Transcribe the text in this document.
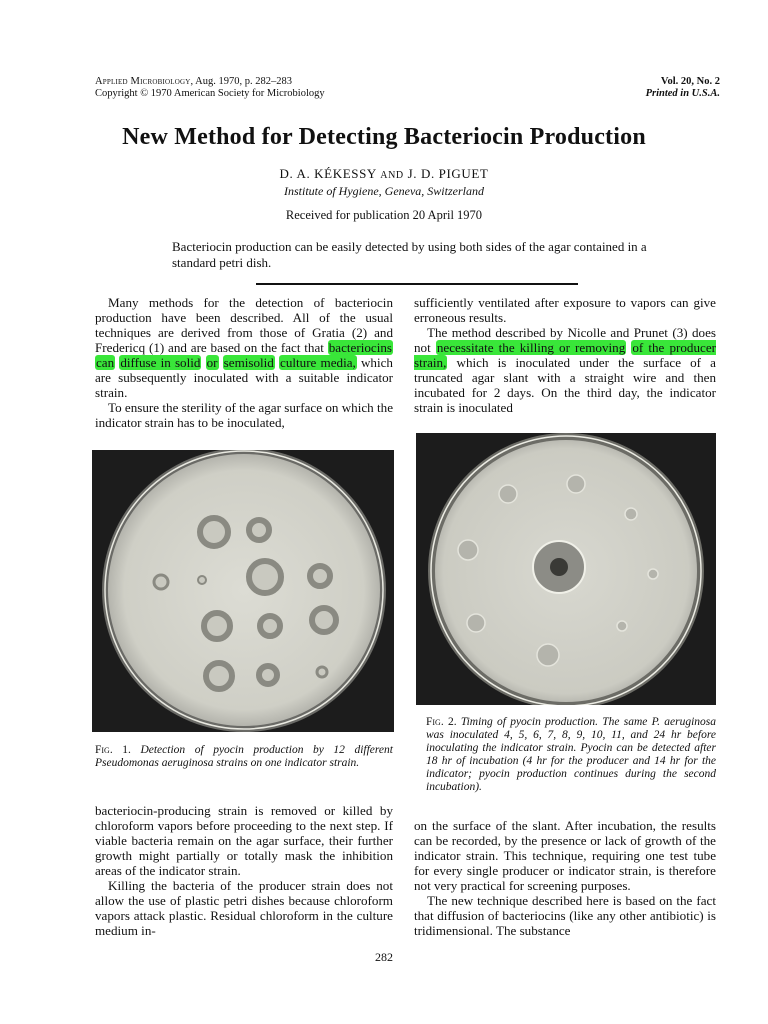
Applied Microbiology, Aug. 1970, p. 282–283
Copyright © 1970 American Society for Microbiology
Vol. 20, No. 2
Printed in U.S.A.
New Method for Detecting Bacteriocin Production
D. A. KÉKESSY AND J. D. PIGUET
Institute of Hygiene, Geneva, Switzerland
Received for publication 20 April 1970
Bacteriocin production can be easily detected by using both sides of the agar contained in a standard petri dish.

Many methods for the detection of bacteriocin production have been described. All of the usual techniques are derived from those of Gratia (2) and Fredericq (1) and are based on the fact that bacteriocins can diffuse in solid or semisolid culture media, which are subsequently inoculated with a suitable indicator strain.

To ensure the sterility of the agar surface on which the indicator strain has to be inoculated,

sufficiently ventilated after exposure to vapors can give erroneous results.

The method described by Nicolle and Prunet (3) does not necessitate the killing or removing of the producer strain, which is inoculated under the surface of a truncated agar slant with a straight wire and then incubated for 2 days. On the third day, the indicator strain is inoculated

Fig. 1. Detection of pyocin production by 12 different Pseudomonas aeruginosa strains on one indicator strain.
Fig. 2. Timing of pyocin production. The same P. aeruginosa was inoculated 4, 5, 6, 7, 8, 9, 10, 11, and 24 hr before inoculating the indicator strain. Pyocin can be detected after 18 hr of incubation (4 hr for the producer and 14 hr for the indicator; pyocin production continues during the second incubation).

bacteriocin-producing strain is removed or killed by chloroform vapors before proceeding to the next step. If viable bacteria remain on the agar surface, their further growth might partially or totally mask the inhibition areas of the indicator strain.

Killing the bacteria of the producer strain does not allow the use of plastic petri dishes because chloroform vapors attack plastic. Residual chloroform in the culture medium in-

on the surface of the slant. After incubation, the results can be recorded, by the presence or lack of growth of the indicator strain. This technique, requiring one test tube for every single producer or indicator strain, is therefore not very practical for screening purposes.

The new technique described here is based on the fact that diffusion of bacteriocins (like any other antibiotic) is tridimensional. The substance

282
